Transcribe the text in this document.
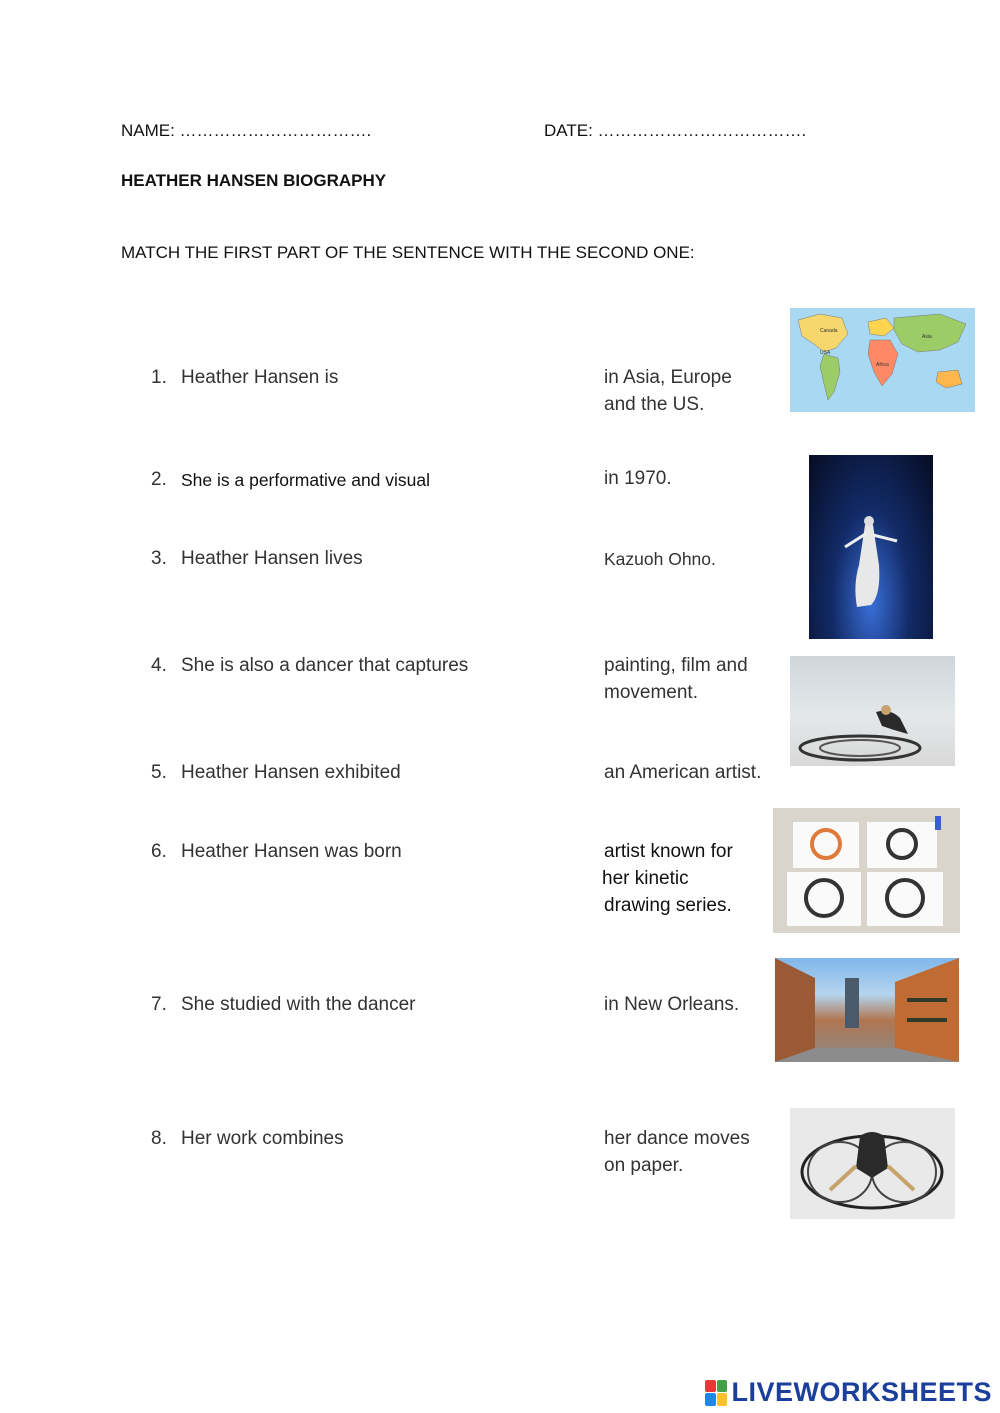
NAME: …………………………….	DATE: ……………………………….
HEATHER HANSEN BIOGRAPHY
MATCH THE FIRST PART OF THE SENTENCE WITH THE SECOND ONE:
1. Heather Hansen is
2. She is a performative and visual
3. Heather Hansen lives
4. She is also a dancer that captures
5. Heather Hansen exhibited
6. Heather Hansen was born
7. She studied with the dancer
8. Her work combines
in Asia, Europe
and the US.
in 1970.
Kazuoh Ohno.
painting, film and
movement.
an American artist.
artist known for
her kinetic
drawing series.
in New Orleans.
her dance moves
on paper.
Canada
USA
Asia
Africa
LIVEWORKSHEETS
